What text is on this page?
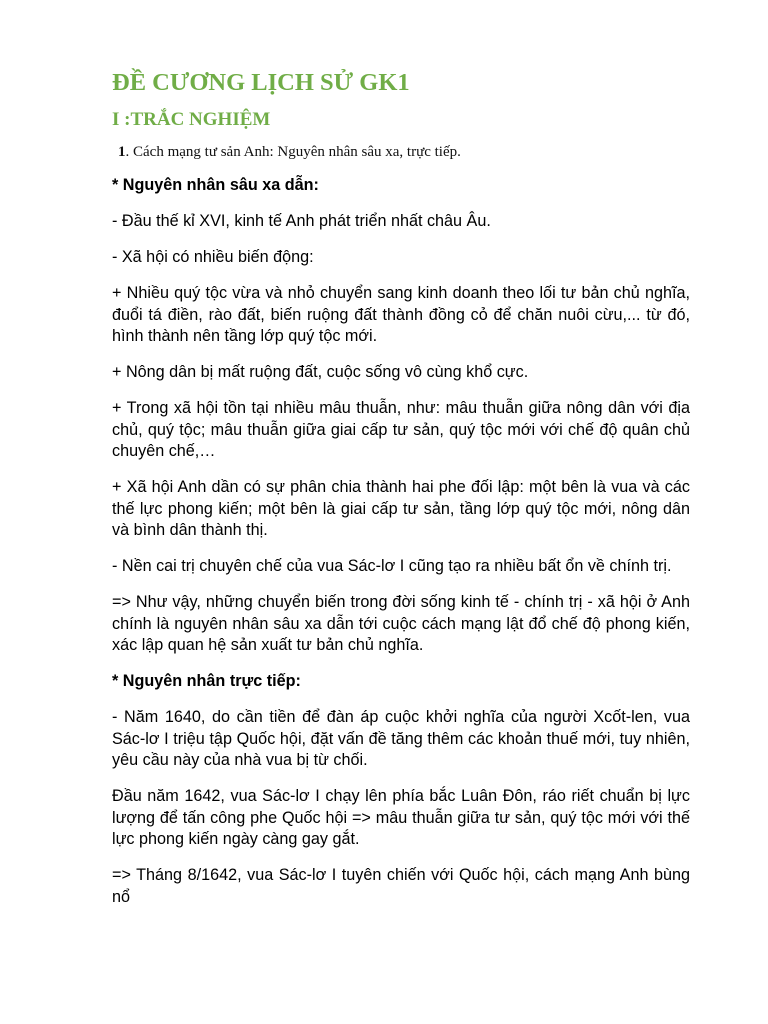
ĐỀ CƯƠNG LỊCH SỬ GK1
I :TRẮC NGHIỆM

1. Cách mạng tư sản Anh: Nguyên nhân sâu xa, trực tiếp.

* Nguyên nhân sâu xa dẫn:

- Đầu thế kỉ XVI, kinh tế Anh phát triển nhất châu Âu.

- Xã hội có nhiều biến động:

+ Nhiều quý tộc vừa và nhỏ chuyển sang kinh doanh theo lối tư bản chủ nghĩa, đuổi tá điền, rào đất, biến ruộng đất thành đồng cỏ để chăn nuôi cừu,... từ đó, hình thành nên tầng lớp quý tộc mới.

+ Nông dân bị mất ruộng đất, cuộc sống vô cùng khổ cực.

+ Trong xã hội tồn tại nhiều mâu thuẫn, như: mâu thuẫn giữa nông dân với địa chủ, quý tộc; mâu thuẫn giữa giai cấp tư sản, quý tộc mới với chế độ quân chủ chuyên chế,…

+ Xã hội Anh dần có sự phân chia thành hai phe đối lập: một bên là vua và các thế lực phong kiến; một bên là giai cấp tư sản, tầng lớp quý tộc mới, nông dân và bình dân thành thị.

- Nền cai trị chuyên chế của vua Sác-lơ I cũng tạo ra nhiều bất ổn về chính trị.

=> Như vậy, những chuyển biến trong đời sống kinh tế - chính trị - xã hội ở Anh chính là nguyên nhân sâu xa dẫn tới cuộc cách mạng lật đổ chế độ phong kiến, xác lập quan hệ sản xuất tư bản chủ nghĩa.

* Nguyên nhân trực tiếp:

- Năm 1640, do cần tiền để đàn áp cuộc khởi nghĩa của người Xcốt-len, vua Sác-lơ I triệu tập Quốc hội, đặt vấn đề tăng thêm các khoản thuế mới, tuy nhiên, yêu cầu này của nhà vua bị từ chối.

Đầu năm 1642, vua Sác-lơ I chạy lên phía bắc Luân Đôn, ráo riết chuẩn bị lực lượng để tấn công phe Quốc hội => mâu thuẫn giữa tư sản, quý tộc mới với thế lực phong kiến ngày càng gay gắt.

=> Tháng 8/1642, vua Sác-lơ I tuyên chiến với Quốc hội, cách mạng Anh bùng nổ
